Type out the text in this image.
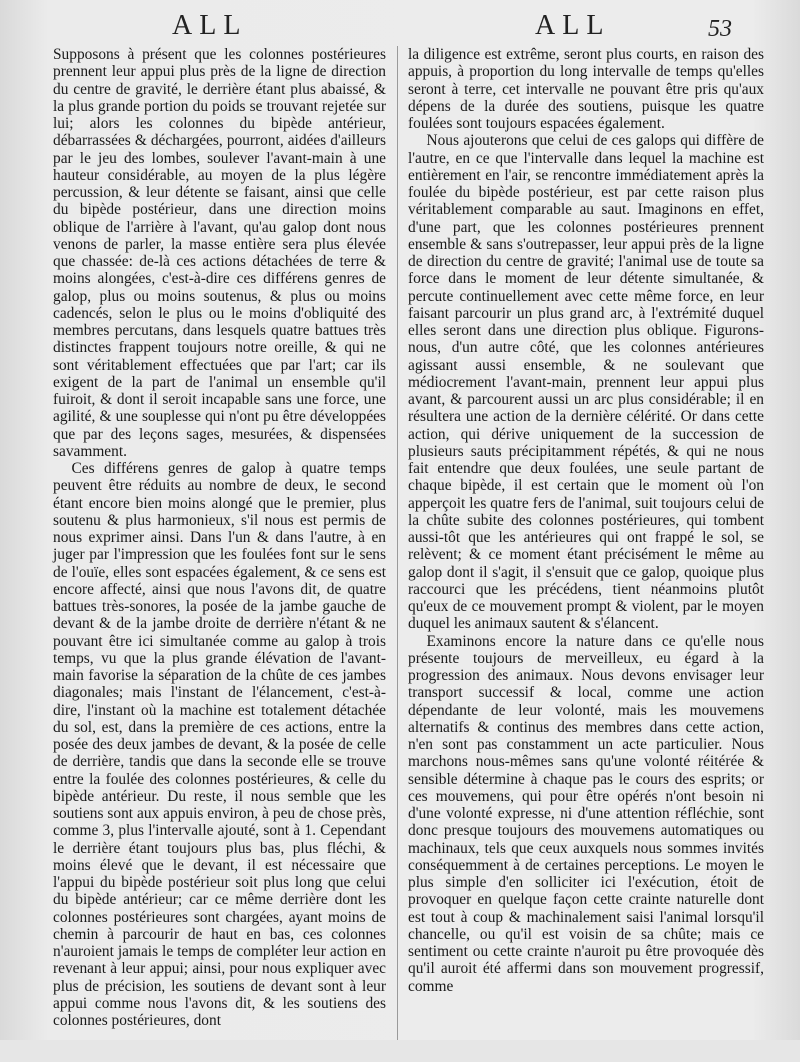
ALL	ALL	53

Supposons à présent que les colonnes postérieures prennent leur appui plus près de la ligne de direction du centre de gravité, le derrière étant plus abaissé, & la plus grande portion du poids se trouvant rejetée sur lui; alors les colonnes du bipède antérieur, débarrassées & déchargées, pourront, aidées d'ailleurs par le jeu des lombes, soulever l'avant-main à une hauteur considérable, au moyen de la plus légère percussion, & leur détente se faisant, ainsi que celle du bipède postérieur, dans une direction moins oblique de l'arrière à l'avant, qu'au galop dont nous venons de parler, la masse entière sera plus élevée que chassée: de-là ces actions détachées de terre & moins alongées, c'est-à-dire ces différens genres de galop, plus ou moins soutenus, & plus ou moins cadencés, selon le plus ou le moins d'obliquité des membres percutans, dans lesquels quatre battues très distinctes frappent toujours notre oreille, & qui ne sont véritablement effectuées que par l'art; car ils exigent de la part de l'animal un ensemble qu'il fuiroit, & dont il seroit incapable sans une force, une agilité, & une souplesse qui n'ont pu être développées que par des leçons sages, mesurées, & dispensées savamment.

Ces différens genres de galop à quatre temps peuvent être réduits au nombre de deux, le second étant encore bien moins alongé que le premier, plus soutenu & plus harmonieux, s'il nous est permis de nous exprimer ainsi. Dans l'un & dans l'autre, à en juger par l'impression que les foulées font sur le sens de l'ouïe, elles sont espacées également, & ce sens est encore affecté, ainsi que nous l'avons dit, de quatre battues très-sonores, la posée de la jambe gauche de devant & de la jambe droite de derrière n'étant & ne pouvant être ici simultanée comme au galop à trois temps, vu que la plus grande élévation de l'avant-main favorise la séparation de la chûte de ces jambes diagonales; mais l'instant de l'élancement, c'est-à-dire, l'instant où la machine est totalement détachée du sol, est, dans la première de ces actions, entre la posée des deux jambes de devant, & la posée de celle de derrière, tandis que dans la seconde elle se trouve entre la foulée des colonnes postérieures, & celle du bipède antérieur. Du reste, il nous semble que les soutiens sont aux appuis environ, à peu de chose près, comme 3, plus l'intervalle ajouté, sont à 1. Cependant le derrière étant toujours plus bas, plus fléchi, & moins élevé que le devant, il est nécessaire que l'appui du bipède postérieur soit plus long que celui du bipède antérieur; car ce même derrière dont les colonnes postérieures sont chargées, ayant moins de chemin à parcourir de haut en bas, ces colonnes n'auroient jamais le temps de compléter leur action en revenant à leur appui; ainsi, pour nous expliquer avec plus de précision, les soutiens de devant sont à leur appui comme nous l'avons dit, & les soutiens des colonnes postérieures, dont

la diligence est extrême, seront plus courts, en raison des appuis, à proportion du long intervalle de temps qu'elles seront à terre, cet intervalle ne pouvant être pris qu'aux dépens de la durée des soutiens, puisque les quatre foulées sont toujours espacées également.

Nous ajouterons que celui de ces galops qui diffère de l'autre, en ce que l'intervalle dans lequel la machine est entièrement en l'air, se rencontre immédiatement après la foulée du bipède postérieur, est par cette raison plus véritablement comparable au saut. Imaginons en effet, d'une part, que les colonnes postérieures prennent ensemble & sans s'outrepasser, leur appui près de la ligne de direction du centre de gravité; l'animal use de toute sa force dans le moment de leur détente simultanée, & percute continuellement avec cette même force, en leur faisant parcourir un plus grand arc, à l'extrémité duquel elles seront dans une direction plus oblique. Figurons-nous, d'un autre côté, que les colonnes antérieures agissant aussi ensemble, & ne soulevant que médiocrement l'avant-main, prennent leur appui plus avant, & parcourent aussi un arc plus considérable; il en résultera une action de la dernière célérité. Or dans cette action, qui dérive uniquement de la succession de plusieurs sauts précipitamment répétés, & qui ne nous fait entendre que deux foulées, une seule partant de chaque bipède, il est certain que le moment où l'on apperçoit les quatre fers de l'animal, suit toujours celui de la chûte subite des colonnes postérieures, qui tombent aussi-tôt que les antérieures qui ont frappé le sol, se relèvent; & ce moment étant précisément le même au galop dont il s'agit, il s'ensuit que ce galop, quoique plus raccourci que les précédens, tient néanmoins plutôt qu'eux de ce mouvement prompt & violent, par le moyen duquel les animaux sautent & s'élancent.

Examinons encore la nature dans ce qu'elle nous présente toujours de merveilleux, eu égard à la progression des animaux. Nous devons envisager leur transport successif & local, comme une action dépendante de leur volonté, mais les mouvemens alternatifs & continus des membres dans cette action, n'en sont pas constamment un acte particulier. Nous marchons nous-mêmes sans qu'une volonté réitérée & sensible détermine à chaque pas le cours des esprits; or ces mouvemens, qui pour être opérés n'ont besoin ni d'une volonté expresse, ni d'une attention réfléchie, sont donc presque toujours des mouvemens automatiques ou machinaux, tels que ceux auxquels nous sommes invités conséquemment à de certaines perceptions. Le moyen le plus simple d'en solliciter ici l'exécution, étoit de provoquer en quelque façon cette crainte naturelle dont est tout à coup & machinalement saisi l'animal lorsqu'il chancelle, ou qu'il est voisin de sa chûte; mais ce sentiment ou cette crainte n'auroit pu être provoquée dès qu'il auroit été affermi dans son mouvement progressif, comme
